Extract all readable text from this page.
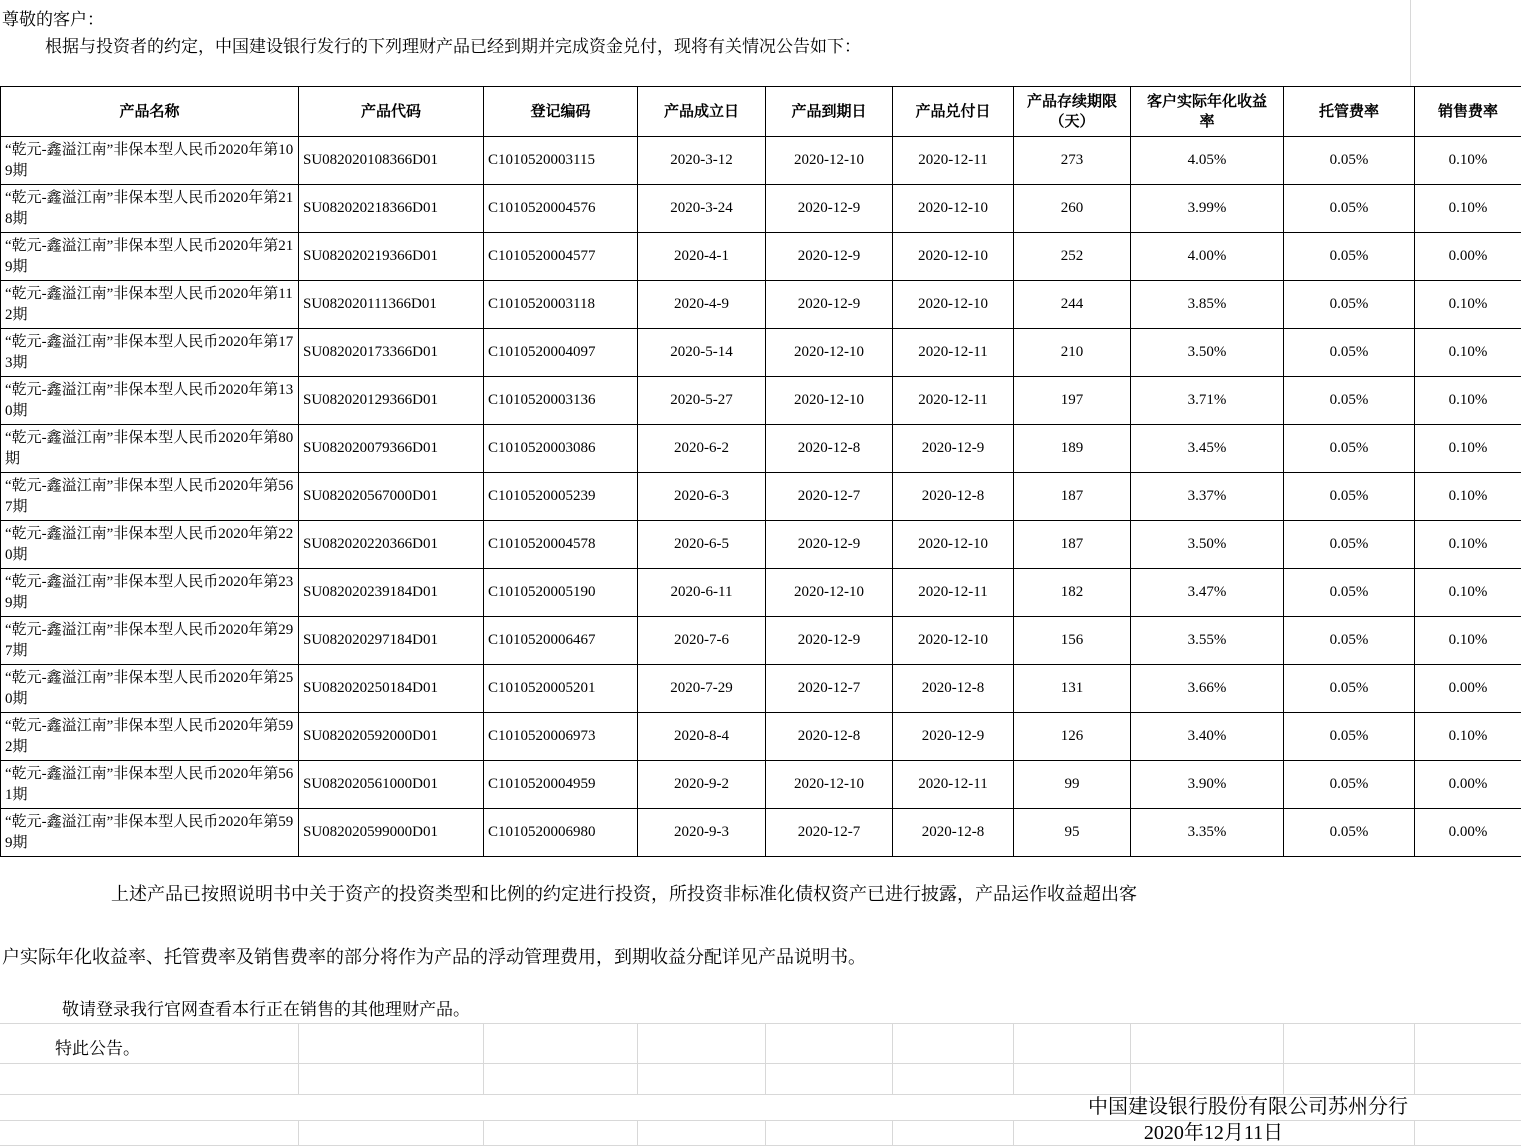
尊敬的客户：
根据与投资者的约定，中国建设银行发行的下列理财产品已经到期并完成资金兑付，现将有关情况公告如下：
产品名称	产品代码	登记编码	产品成立日	产品到期日	产品兑付日	产品存续期限（天）	客户实际年化收益率	托管费率	销售费率
“乾元-鑫溢江南”非保本型人民币2020年第109期	SU082020108366D01	C1010520003115	2020-3-12	2020-12-10	2020-12-11	273	4.05%	0.05%	0.10%
“乾元-鑫溢江南”非保本型人民币2020年第218期	SU082020218366D01	C1010520004576	2020-3-24	2020-12-9	2020-12-10	260	3.99%	0.05%	0.10%
“乾元-鑫溢江南”非保本型人民币2020年第219期	SU082020219366D01	C1010520004577	2020-4-1	2020-12-9	2020-12-10	252	4.00%	0.05%	0.00%
“乾元-鑫溢江南”非保本型人民币2020年第112期	SU082020111366D01	C1010520003118	2020-4-9	2020-12-9	2020-12-10	244	3.85%	0.05%	0.10%
“乾元-鑫溢江南”非保本型人民币2020年第173期	SU082020173366D01	C1010520004097	2020-5-14	2020-12-10	2020-12-11	210	3.50%	0.05%	0.10%
“乾元-鑫溢江南”非保本型人民币2020年第130期	SU082020129366D01	C1010520003136	2020-5-27	2020-12-10	2020-12-11	197	3.71%	0.05%	0.10%
“乾元-鑫溢江南”非保本型人民币2020年第80期	SU082020079366D01	C1010520003086	2020-6-2	2020-12-8	2020-12-9	189	3.45%	0.05%	0.10%
“乾元-鑫溢江南”非保本型人民币2020年第567期	SU082020567000D01	C1010520005239	2020-6-3	2020-12-7	2020-12-8	187	3.37%	0.05%	0.10%
“乾元-鑫溢江南”非保本型人民币2020年第220期	SU082020220366D01	C1010520004578	2020-6-5	2020-12-9	2020-12-10	187	3.50%	0.05%	0.10%
“乾元-鑫溢江南”非保本型人民币2020年第239期	SU082020239184D01	C1010520005190	2020-6-11	2020-12-10	2020-12-11	182	3.47%	0.05%	0.10%
“乾元-鑫溢江南”非保本型人民币2020年第297期	SU082020297184D01	C1010520006467	2020-7-6	2020-12-9	2020-12-10	156	3.55%	0.05%	0.10%
“乾元-鑫溢江南”非保本型人民币2020年第250期	SU082020250184D01	C1010520005201	2020-7-29	2020-12-7	2020-12-8	131	3.66%	0.05%	0.00%
“乾元-鑫溢江南”非保本型人民币2020年第592期	SU082020592000D01	C1010520006973	2020-8-4	2020-12-8	2020-12-9	126	3.40%	0.05%	0.10%
“乾元-鑫溢江南”非保本型人民币2020年第561期	SU082020561000D01	C1010520004959	2020-9-2	2020-12-10	2020-12-11	99	3.90%	0.05%	0.00%
“乾元-鑫溢江南”非保本型人民币2020年第599期	SU082020599000D01	C1010520006980	2020-9-3	2020-12-7	2020-12-8	95	3.35%	0.05%	0.00%
上述产品已按照说明书中关于资产的投资类型和比例的约定进行投资，所投资非标准化债权资产已进行披露，产品运作收益超出客
户实际年化收益率、托管费率及销售费率的部分将作为产品的浮动管理费用，到期收益分配详见产品说明书。
敬请登录我行官网查看本行正在销售的其他理财产品。
特此公告。
中国建设银行股份有限公司苏州分行
2020年12月11日
